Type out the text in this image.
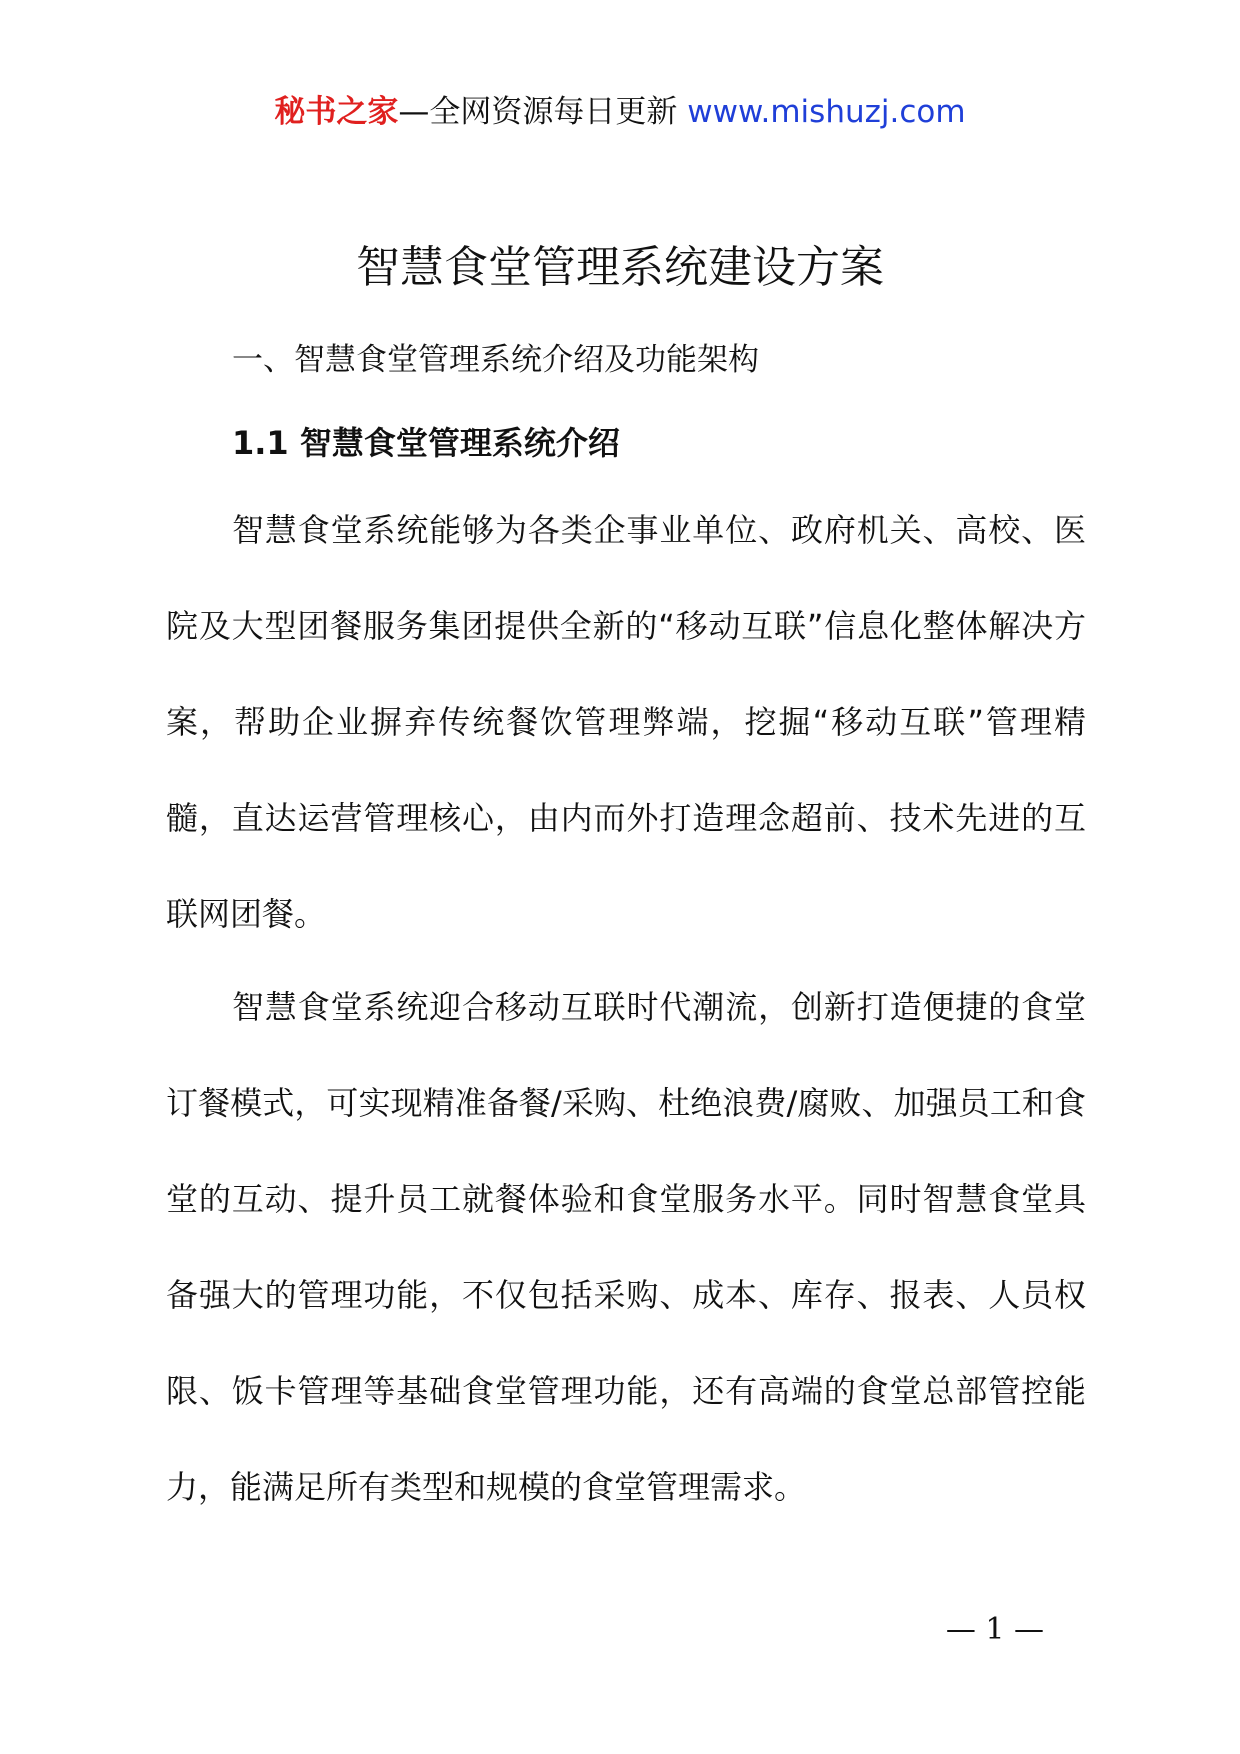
秘书之家—全网资源每日更新 www.mishuzj.com
智慧食堂管理系统建设方案
一、智慧食堂管理系统介绍及功能架构
1.1 智慧食堂管理系统介绍

智慧食堂系统能够为各类企事业单位、政府机关、高校、医院及大型团餐服务集团提供全新的“移动互联”信息化整体解决方案，帮助企业摒弃传统餐饮管理弊端，挖掘“移动互联”管理精髓，直达运营管理核心，由内而外打造理念超前、技术先进的互联网团餐。

智慧食堂系统迎合移动互联时代潮流，创新打造便捷的食堂订餐模式，可实现精准备餐/采购、杜绝浪费/腐败、加强员工和食堂的互动、提升员工就餐体验和食堂服务水平。同时智慧食堂具备强大的管理功能，不仅包括采购、成本、库存、报表、人员权限、饭卡管理等基础食堂管理功能，还有高端的食堂总部管控能力，能满足所有类型和规模的食堂管理需求。

— 1 —
